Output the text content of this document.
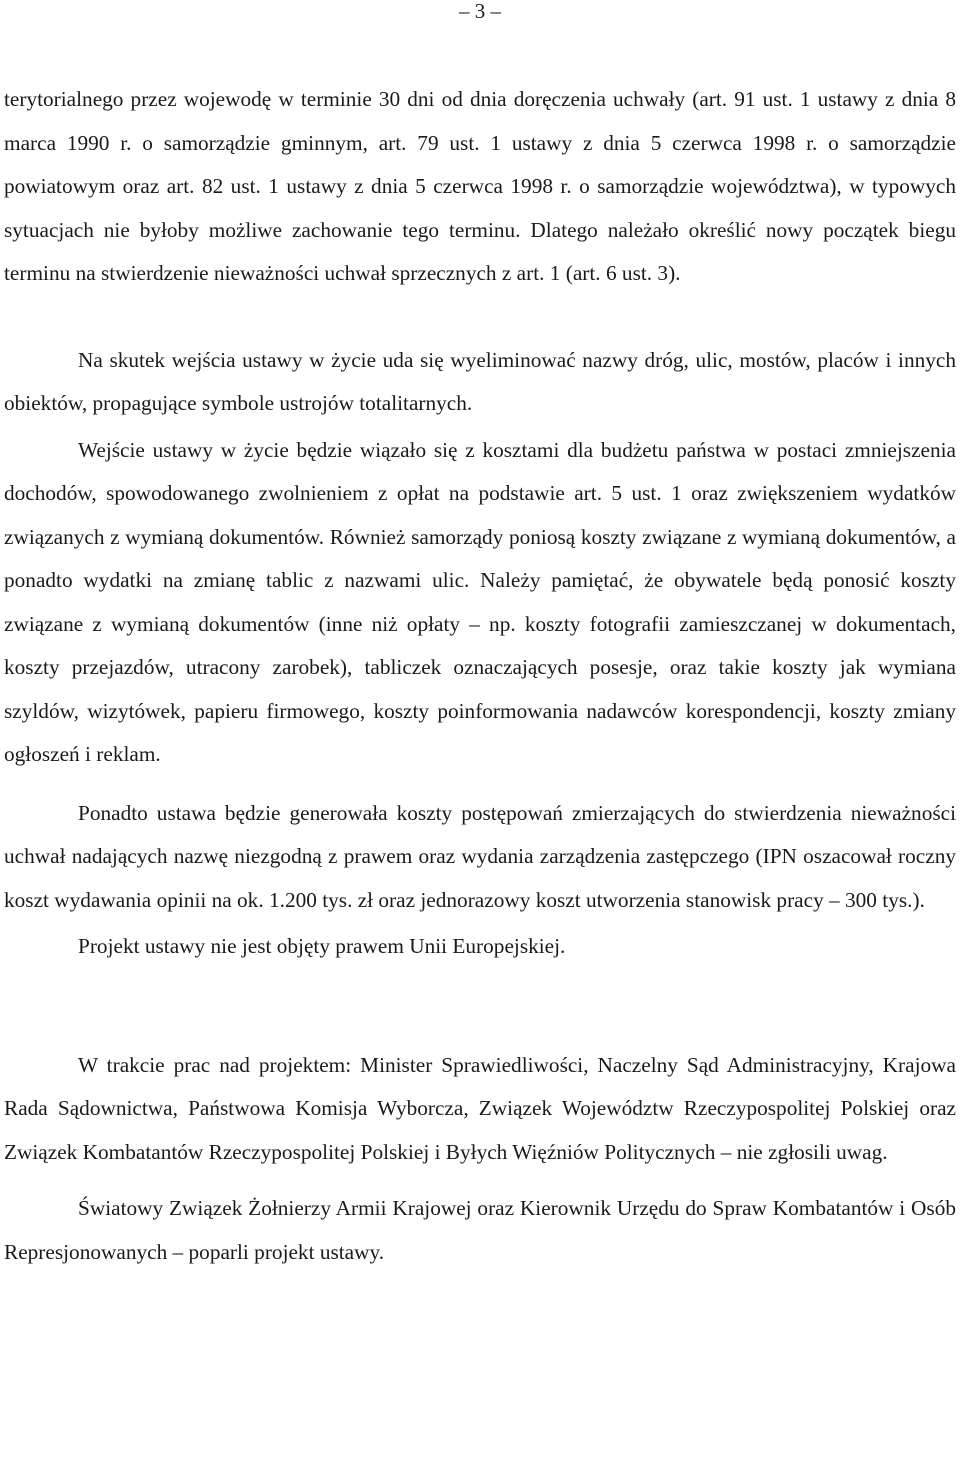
– 3 –

terytorialnego przez wojewodę w terminie 30 dni od dnia doręczenia uchwały (art. 91 ust. 1 ustawy z dnia 8 marca 1990 r. o samorządzie gminnym, art. 79 ust. 1 ustawy z dnia 5 czerwca 1998 r. o samorządzie powiatowym oraz art. 82 ust. 1 ustawy z dnia 5 czerwca 1998 r. o samorządzie województwa), w typowych sytuacjach nie byłoby możliwe zachowanie tego terminu. Dlatego należało określić nowy początek biegu terminu na stwierdzenie nieważności uchwał sprzecznych z art. 1 (art. 6 ust. 3).

Na skutek wejścia ustawy w życie uda się wyeliminować nazwy dróg, ulic, mostów, placów i innych obiektów, propagujące symbole ustrojów totalitarnych.

Wejście ustawy w życie będzie wiązało się z kosztami dla budżetu państwa w postaci zmniejszenia dochodów, spowodowanego zwolnieniem z opłat na podstawie art. 5 ust. 1 oraz zwiększeniem wydatków związanych z wymianą dokumentów. Również samorządy poniosą koszty związane z wymianą dokumentów, a ponadto wydatki na zmianę tablic z nazwami ulic. Należy pamiętać, że obywatele będą ponosić koszty związane z wymianą dokumentów (inne niż opłaty – np. koszty fotografii zamieszczanej w dokumentach, koszty przejazdów, utracony zarobek), tabliczek oznaczających posesje, oraz takie koszty jak wymiana szyldów, wizytówek, papieru firmowego, koszty poinformowania nadawców korespondencji, koszty zmiany ogłoszeń i reklam.

Ponadto ustawa będzie generowała koszty postępowań zmierzających do stwierdzenia nieważności uchwał nadających nazwę niezgodną z prawem oraz wydania zarządzenia zastępczego (IPN oszacował roczny koszt wydawania opinii na ok. 1.200 tys. zł oraz jednorazowy koszt utworzenia stanowisk pracy – 300 tys.).

Projekt ustawy nie jest objęty prawem Unii Europejskiej.

W trakcie prac nad projektem: Minister Sprawiedliwości, Naczelny Sąd Administracyjny, Krajowa Rada Sądownictwa, Państwowa Komisja Wyborcza, Związek Województw Rzeczypospolitej Polskiej oraz Związek Kombatantów Rzeczypospolitej Polskiej i Byłych Więźniów Politycznych – nie zgłosili uwag.

Światowy Związek Żołnierzy Armii Krajowej oraz Kierownik Urzędu do Spraw Kombatantów i Osób Represjonowanych – poparli projekt ustawy.
